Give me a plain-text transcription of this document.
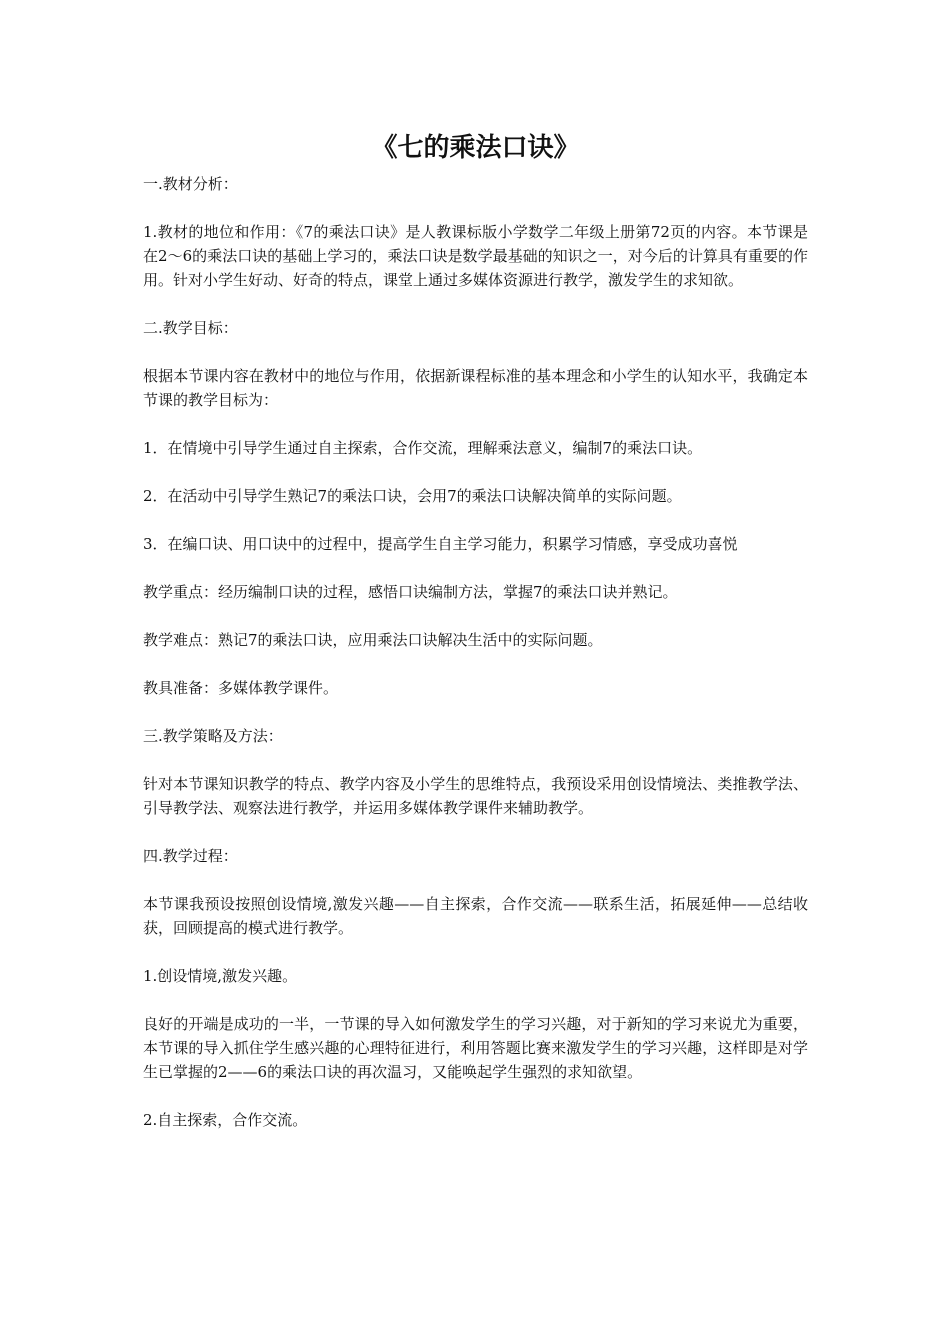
《七的乘法口诀》

一.教材分析：

1.教材的地位和作用：《7的乘法口诀》是人教课标版小学数学二年级上册第72页的内容。本节课是在2～6的乘法口诀的基础上学习的，乘法口诀是数学最基础的知识之一，对今后的计算具有重要的作用。针对小学生好动、好奇的特点，课堂上通过多媒体资源进行教学，激发学生的求知欲。

二.教学目标：

根据本节课内容在教材中的地位与作用，依据新课程标准的基本理念和小学生的认知水平，我确定本节课的教学目标为：

1．在情境中引导学生通过自主探索，合作交流，理解乘法意义，编制7的乘法口诀。

2．在活动中引导学生熟记7的乘法口诀，会用7的乘法口诀解决简单的实际问题。

3．在编口诀、用口诀中的过程中，提高学生自主学习能力，积累学习情感，享受成功喜悦

教学重点：经历编制口诀的过程，感悟口诀编制方法，掌握7的乘法口诀并熟记。

教学难点：熟记7的乘法口诀，应用乘法口诀解决生活中的实际问题。

教具准备：多媒体教学课件。

三.教学策略及方法：

针对本节课知识教学的特点、教学内容及小学生的思维特点，我预设采用创设情境法、类推教学法、引导教学法、观察法进行教学，并运用多媒体教学课件来辅助教学。

四.教学过程：

本节课我预设按照创设情境,激发兴趣——自主探索，合作交流——联系生活，拓展延伸——总结收获，回顾提高的模式进行教学。

1.创设情境,激发兴趣。

良好的开端是成功的一半，一节课的导入如何激发学生的学习兴趣，对于新知的学习来说尤为重要，本节课的导入抓住学生感兴趣的心理特征进行，利用答题比赛来激发学生的学习兴趣，这样即是对学生已掌握的2——6的乘法口诀的再次温习，又能唤起学生强烈的求知欲望。

2.自主探索，合作交流。
